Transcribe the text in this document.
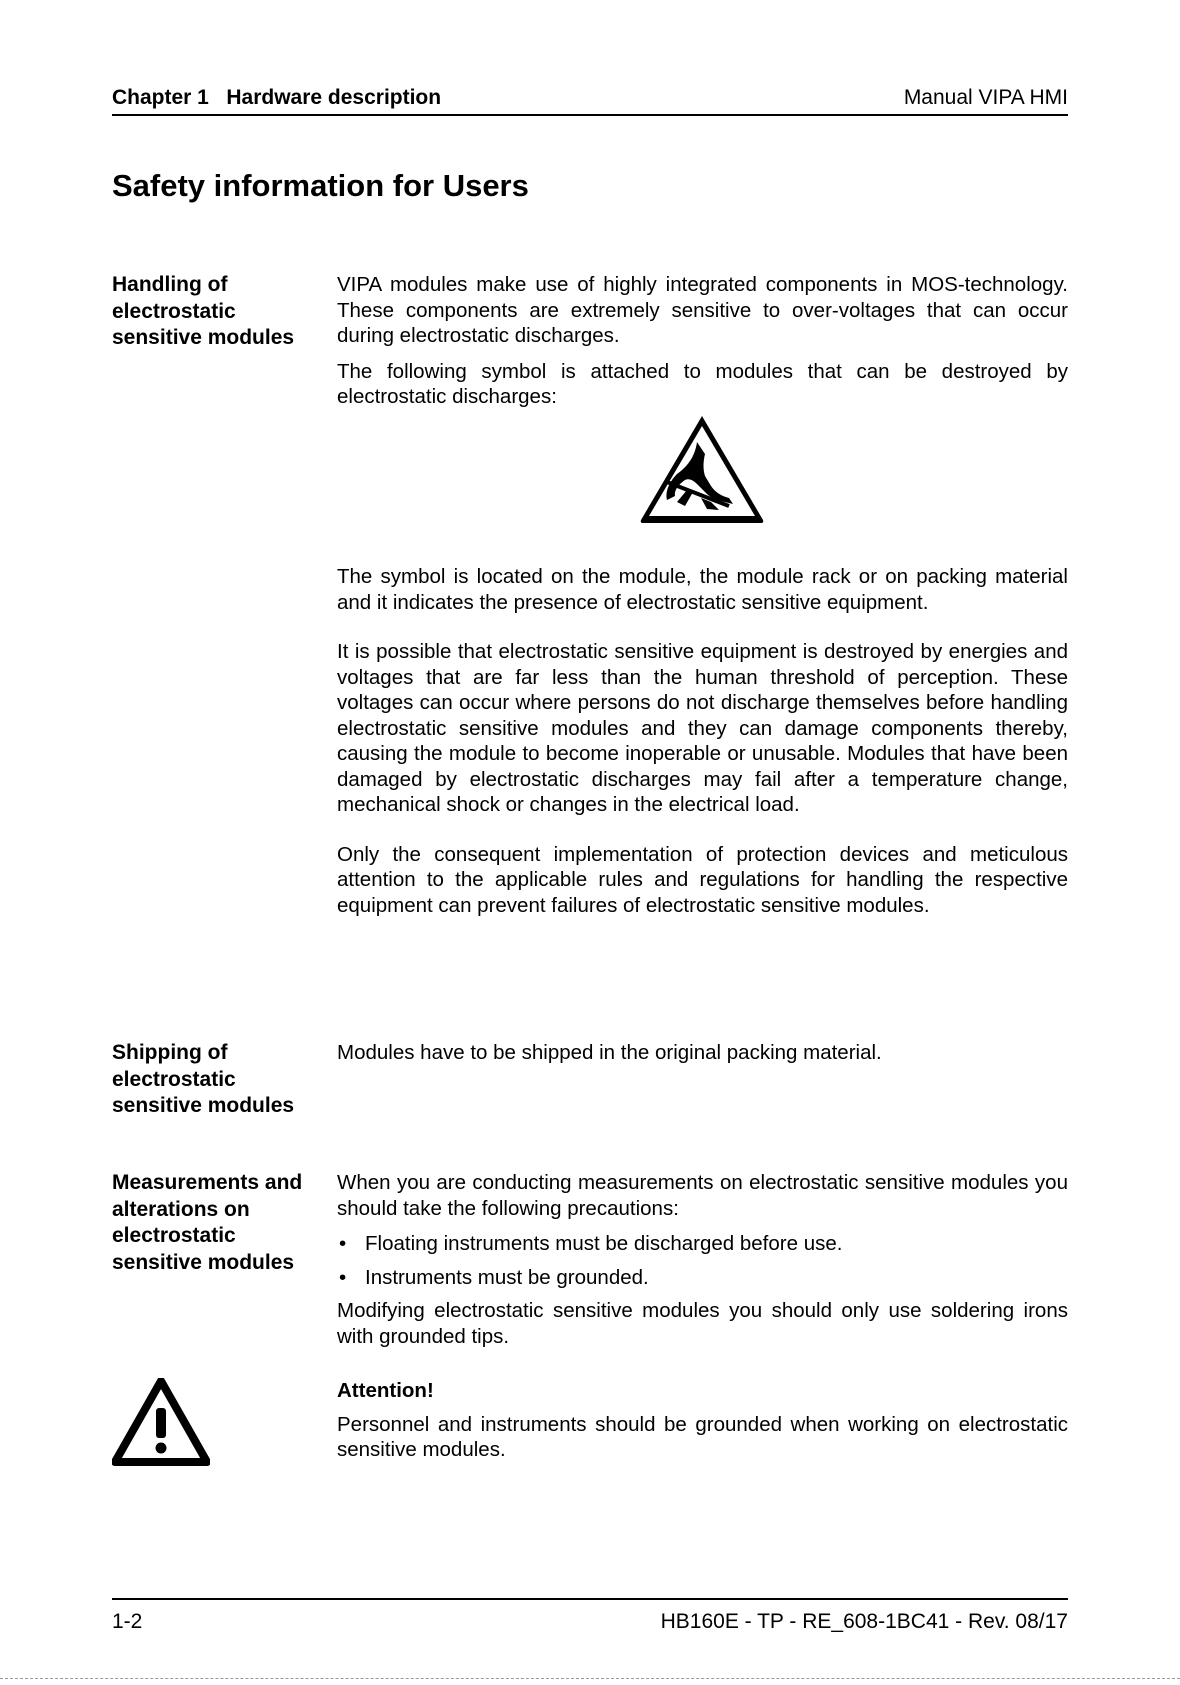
Chapter 1   Hardware description	Manual VIPA HMI
Safety information for Users
Handling of electrostatic sensitive modules

VIPA modules make use of highly integrated components in MOS-technology. These components are extremely sensitive to over-voltages that can occur during electrostatic discharges.

The following symbol is attached to modules that can be destroyed by electrostatic discharges:

The symbol is located on the module, the module rack or on packing material and it indicates the presence of electrostatic sensitive equipment.

It is possible that electrostatic sensitive equipment is destroyed by energies and voltages that are far less than the human threshold of perception. These voltages can occur where persons do not discharge themselves before handling electrostatic sensitive modules and they can damage components thereby, causing the module to become inoperable or unusable. Modules that have been damaged by electrostatic discharges may fail after a temperature change, mechanical shock or changes in the electrical load.

Only the consequent implementation of protection devices and meticulous attention to the applicable rules and regulations for handling the respective equipment can prevent failures of electrostatic sensitive modules.

Shipping of electrostatic sensitive modules

Modules have to be shipped in the original packing material.

Measurements and alterations on electrostatic sensitive modules

When you are conducting measurements on electrostatic sensitive modules you should take the following precautions:

• Floating instruments must be discharged before use.
• Instruments must be grounded.

Modifying electrostatic sensitive modules you should only use soldering irons with grounded tips.

Attention!

Personnel and instruments should be grounded when working on electrostatic sensitive modules.

1-2	HB160E - TP - RE_608-1BC41 - Rev. 08/17
